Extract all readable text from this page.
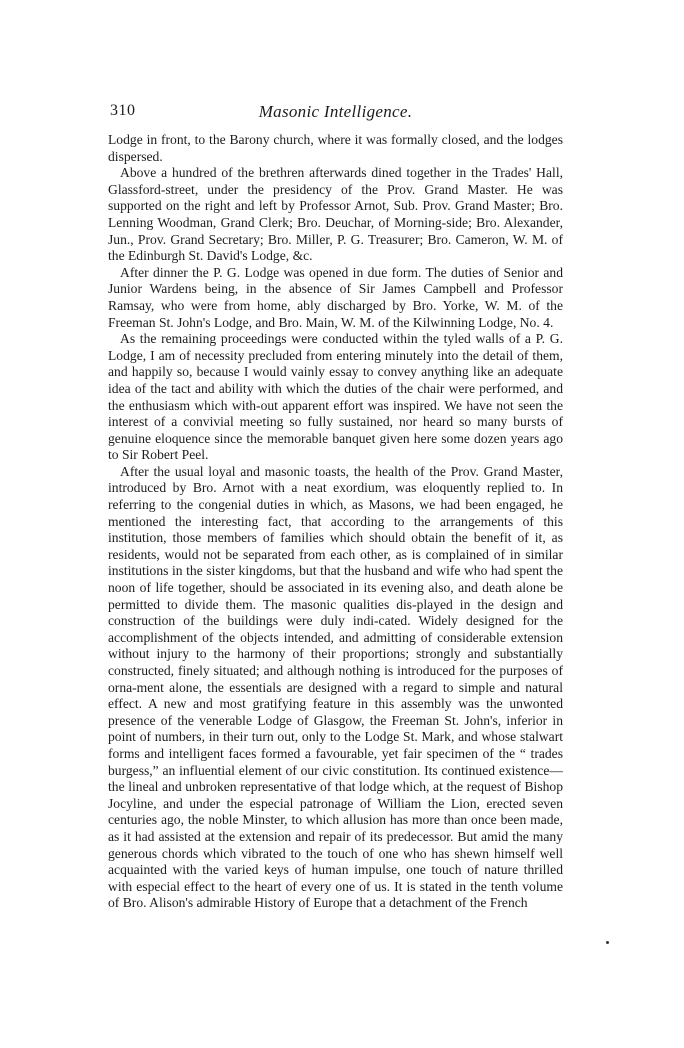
310	Masonic Intelligence.

Lodge in front, to the Barony church, where it was formally closed, and the lodges dispersed.

Above a hundred of the brethren afterwards dined together in the Trades' Hall, Glassford-street, under the presidency of the Prov. Grand Master. He was supported on the right and left by Professor Arnot, Sub. Prov. Grand Master; Bro. Lenning Woodman, Grand Clerk; Bro. Deuchar, of Morning-side; Bro. Alexander, Jun., Prov. Grand Secretary; Bro. Miller, P. G. Treasurer; Bro. Cameron, W. M. of the Edinburgh St. David's Lodge, &c.

After dinner the P. G. Lodge was opened in due form. The duties of Senior and Junior Wardens being, in the absence of Sir James Campbell and Professor Ramsay, who were from home, ably discharged by Bro. Yorke, W. M. of the Freeman St. John's Lodge, and Bro. Main, W. M. of the Kilwinning Lodge, No. 4.

As the remaining proceedings were conducted within the tyled walls of a P. G. Lodge, I am of necessity precluded from entering minutely into the detail of them, and happily so, because I would vainly essay to convey anything like an adequate idea of the tact and ability with which the duties of the chair were performed, and the enthusiasm which with-out apparent effort was inspired. We have not seen the interest of a convivial meeting so fully sustained, nor heard so many bursts of genuine eloquence since the memorable banquet given here some dozen years ago to Sir Robert Peel.

After the usual loyal and masonic toasts, the health of the Prov. Grand Master, introduced by Bro. Arnot with a neat exordium, was eloquently replied to. In referring to the congenial duties in which, as Masons, we had been engaged, he mentioned the interesting fact, that according to the arrangements of this institution, those members of families which should obtain the benefit of it, as residents, would not be separated from each other, as is complained of in similar institutions in the sister kingdoms, but that the husband and wife who had spent the noon of life together, should be associated in its evening also, and death alone be permitted to divide them. The masonic qualities dis-played in the design and construction of the buildings were duly indi-cated. Widely designed for the accomplishment of the objects intended, and admitting of considerable extension without injury to the harmony of their proportions; strongly and substantially constructed, finely situated; and although nothing is introduced for the purposes of orna-ment alone, the essentials are designed with a regard to simple and natural effect. A new and most gratifying feature in this assembly was the unwonted presence of the venerable Lodge of Glasgow, the Freeman St. John's, inferior in point of numbers, in their turn out, only to the Lodge St. Mark, and whose stalwart forms and intelligent faces formed a favourable, yet fair specimen of the “ trades burgess,” an influential element of our civic constitution. Its continued existence—the lineal and unbroken representative of that lodge which, at the request of Bishop Jocyline, and under the especial patronage of William the Lion, erected seven centuries ago, the noble Minster, to which allusion has more than once been made, as it had assisted at the extension and repair of its predecessor. But amid the many generous chords which vibrated to the touch of one who has shewn himself well acquainted with the varied keys of human impulse, one touch of nature thrilled with especial effect to the heart of every one of us. It is stated in the tenth volume of Bro. Alison's admirable History of Europe that a detachment of the French
